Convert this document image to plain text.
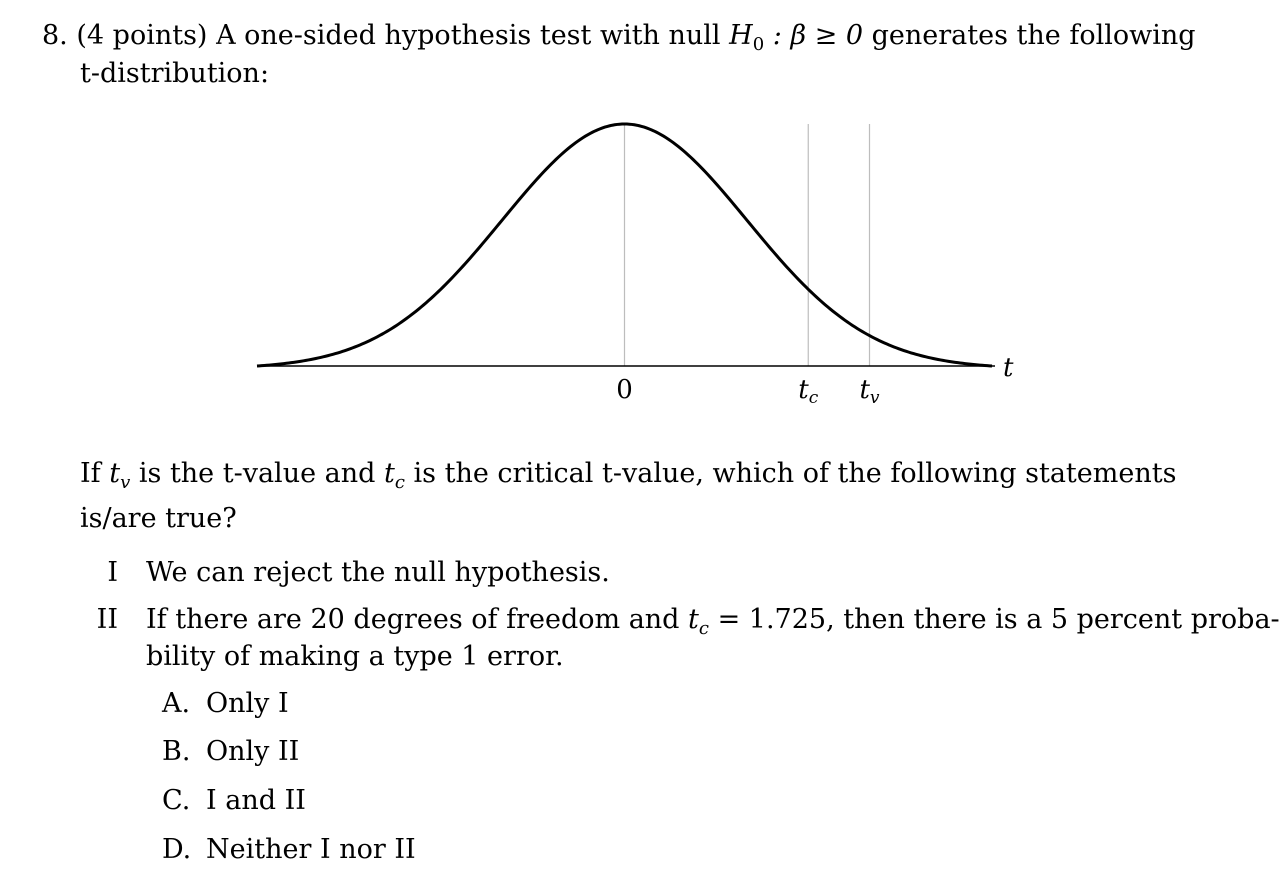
8. (4 points) A one-sided hypothesis test with null $H_0$ : β ≥ 0 generates the following
t-distribution:
t
0	tc tv
If $t_v$ is the t-value and $t_c$ is the critical t-value, which of the following statements is/are true?
I We can reject the null hypothesis.
II If there are 20 degrees of freedom and $t_c = 1.725$, then there is a 5 percent proba-
bility of making a type 1 error.
A. Only I
B. Only II
C. I and II
D. Neither I nor II
